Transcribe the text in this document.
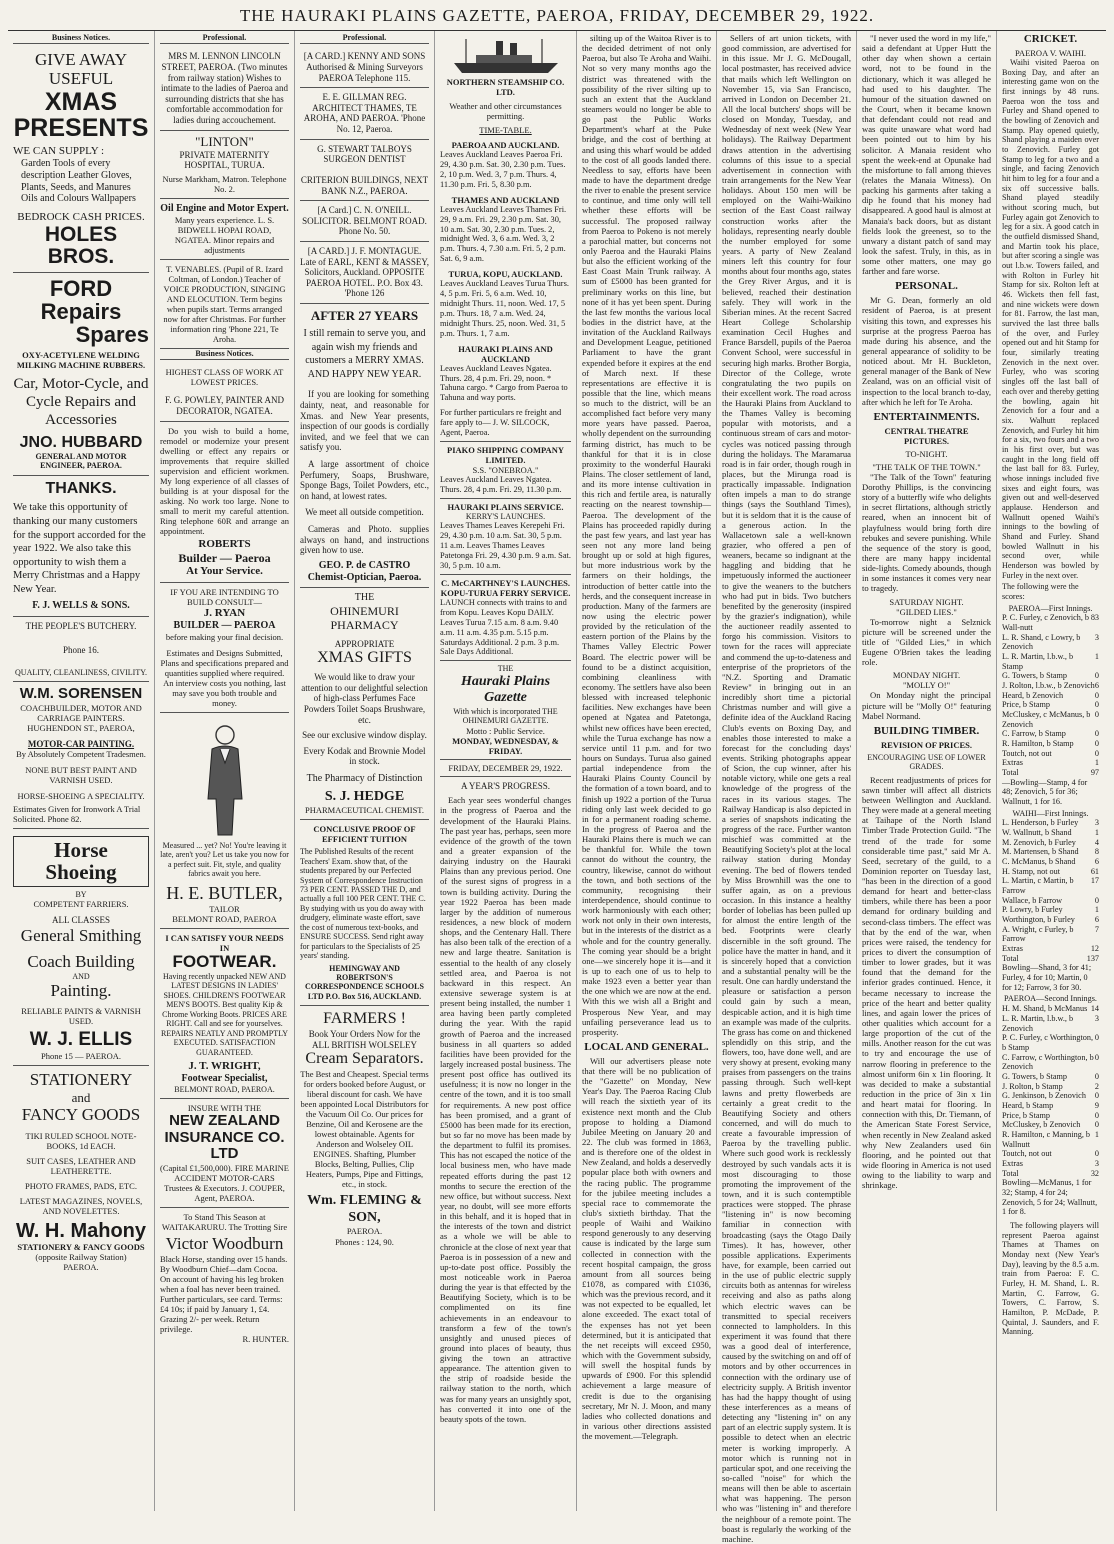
THE HAURAKI PLAINS GAZETTE, PAEROA, FRIDAY, DECEMBER 29, 1922.
Business Notices.
GIVE AWAY
USEFUL
XMAS PRESENTS
WE CAN SUPPLY :
Garden Tools of every description Leather Gloves, Plants, Seeds, and Manures Oils and Colours Wallpapers
BEDROCK CASH PRICES.
HOLES BROS.
FORD Repairs
Spares
OXY-ACETYLENE WELDING MILKING MACHINE RUBBERS.
Car, Motor-Cycle, and Cycle Repairs and Accessories
JNO. HUBBARD
GENERAL AND MOTOR ENGINEER, PAEROA.
THANKS.
We take this opportunity of thanking our many customers for the support accorded for the year 1922. We also take this opportunity to wish them a Merry Christmas and a Happy New Year.
F. J. WELLS & SONS.
THE PEOPLE'S BUTCHERY.
Phone 16.
QUALITY, CLEANLINESS, CIVILITY.
W.M. SORENSEN
COACHBUILDER, MOTOR AND CARRIAGE PAINTERS. HUGHENDON ST., PAEROA,
MOTOR-CAR PAINTING.
By Absolutely Competent Tradesmen.
NONE BUT BEST PAINT AND VARNISH USED.
HORSE-SHOEING A SPECIALITY.
Estimates Given for Ironwork A Trial Solicited. Phone 82.
Horse Shoeing
BY
COMPETENT FARRIERS.
ALL CLASSES
General Smithing
Coach Building
AND
Painting.
RELIABLE PAINTS & VARNISH USED.
W. J. ELLIS
Phone 15 — PAEROA.
STATIONERY
and
FANCY GOODS
TIKI RULED SCHOOL NOTE-BOOKS, 1d EACH.
SUIT CASES, LEATHER AND LEATHERETTE.
PHOTO FRAMES, PADS, ETC.
LATEST MAGAZINES, NOVELS, AND NOVELETTES.
W. H. Mahony
STATIONERY & FANCY GOODS
(opposite Railway Station)
PAEROA.
Professional.
MRS M. LENNON LINCOLN STREET, PAEROA. (Two minutes from railway station) Wishes to intimate to the ladies of Paeroa and surrounding districts that she has comfortable accommodation for ladies during accouchement.
"LINTON"
PRIVATE MATERNITY HOSPITAL, TURUA.
Nurse Markham, Matron. Telephone No. 2.
Oil Engine and Motor Expert.
Many years experience. L. S. BIDWELL HOPAI ROAD, NGATEA. Minor repairs and adjustments
T. VENABLES. (Pupil of R. Izard Coltman, of London.) Teacher of VOICE PRODUCTION, SINGING AND ELOCUTION. Term begins when pupils start. Terms arranged now for after Christmas. For further information ring 'Phone 221, Te Aroha.
Business Notices.
HIGHEST CLASS OF WORK AT LOWEST PRICES.
F. G. POWLEY, PAINTER AND DECORATOR, NGATEA.

Do you wish to build a home, remodel or modernize your present dwelling or effect any repairs or improvements that require skilled supervision and efficient workmen. My long experience of all classes of building is at your disposal for the asking. No work too large. None to small to merit my careful attention. Ring telephone 60R and arrange an appointment.

ROBERTS
Builder — Paeroa
At Your Service.
IF YOU ARE INTENDING TO BUILD CONSULT—
J. RYAN
BUILDER — PAEROA
before making your final decision.
Estimates and Designs Submitted, Plans and specifications prepared and quantities supplied where required. An interview costs you nothing, last may save you both trouble and money.
Measured ... yet? No! You're leaving it late, aren't you? Let us take you now for a perfect suit. Fit, style, and quality fabrics await you here.
H. E. BUTLER,
TAILOR
BELMONT ROAD, PAEROA
I CAN SATISFY YOUR NEEDS IN
FOOTWEAR.
Having recently unpacked NEW AND LATEST DESIGNS IN LADIES' SHOES. CHILDREN'S FOOTWEAR MEN'S BOOTS. Best quality Kip & Chrome Working Boots. PRICES ARE RIGHT. Call and see for yourselves. REPAIRS NEATLY AND PROMPTLY EXECUTED. SATISFACTION GUARANTEED.
J. T. WRIGHT,
Footwear Specialist,
BELMONT ROAD, PAEROA.
INSURE WITH THE
NEW ZEALAND INSURANCE CO. LTD
(Capital £1,500,000). FIRE MARINE ACCIDENT MOTOR-CARS Trustees & Executors. J. COUPER, Agent, PAEROA.
To Stand This Season at WAITAKARURU. The Trotting Sire
Victor Woodburn
Black Horse, standing over 15 hands. By Woodburn Chief—dam Cocoa. On account of having his leg broken when a foal has never been trained. Further particulars, see card. Terms: £4 10s; if paid by January 1, £4. Grazing 2/- per week. Return privilege.
R. HUNTER.
Professional.
[A CARD.] KENNY AND SONS Authorised & Mining Surveyors PAEROA Telephone 115.
E. E. GILLMAN REG. ARCHITECT THAMES, TE AROHA, AND PAEROA. 'Phone No. 12, Paeroa.
G. STEWART TALBOYS SURGEON DENTIST
CRITERION BUILDINGS, NEXT BANK N.Z., PAEROA.
[A Card.] C. N. O'NEILL. SOLICITOR. BELMONT ROAD. Phone No. 50.
[A CARD.] J. F. MONTAGUE. Late of EARL, KENT & MASSEY, Solicitors, Auckland. OPPOSITE PAEROA HOTEL. P.O. Box 43. 'Phone 126
AFTER 27 YEARS
I still remain to serve you, and again wish my friends and customers a MERRY XMAS. AND HAPPY NEW YEAR.

If you are looking for something dainty, neat, and reasonable for Xmas. and New Year presents, inspection of our goods is cordially invited, and we feel that we can satisfy you.

A large assortment of choice Perfumery, Soaps, Brushware, Sponge Bags, Toilet Powders, etc., on hand, at lowest rates.

We meet all outside competition.

Cameras and Photo. supplies always on hand, and instructions given how to use.

GEO. P. de CASTRO
Chemist-Optician, Paeroa.
THE
OHINEMURI PHARMACY
APPROPRIATE
XMAS GIFTS
We would like to draw your attention to our delightful selection of high-class Perfumes Face Powders Toilet Soaps Brushware, etc.
See our exclusive window display.
Every Kodak and Brownie Model in stock.
The Pharmacy of Distinction
S. J. HEDGE
PHARMACEUTICAL CHEMIST.
CONCLUSIVE PROOF OF EFFICIENT TUITION
The Published Results of the recent Teachers' Exam. show that, of the students prepared by our Perfected System of Correspondence Instruction 73 PER CENT. PASSED THE D, and actually a full 100 PER CENT. THE C. By studying with us you do away with drudgery, eliminate waste effort, save the cost of numerous text-books, and ENSURE SUCCESS. Send right away for particulars to the Specialists of 25 years' standing.
HEMINGWAY AND ROBERTSON'S CORRESPONDENCE SCHOOLS LTD P.O. Box 516, AUCKLAND.
FARMERS !
Book Your Orders Now for the ALL BRITISH WOLSELEY
Cream Separators.
The Best and Cheapest. Special terms for orders booked before August, or liberal discount for cash. We have been appointed Local Distributors for the Vacuum Oil Co. Our prices for Benzine, Oil and Kerosene are the lowest obtainable. Agents for Anderson and Wolseley OIL ENGINES. Shafting, Plumber Blocks, Belting, Pullies, Clip Heaters, Pumps, Pipe and Fittings, etc., in stock.
Wm. FLEMING & SON,
PAEROA.
Phones : 124, 90.
NORTHERN STEAMSHIP CO. LTD.
Weather and other circumstances permitting.
TIME-TABLE.
PAEROA AND AUCKLAND.
Leaves Auckland Leaves Paeroa Fri. 29, 4.30 p.m. Sat. 30, 2.30 p.m. Tues. 2, 10 p.m. Wed. 3, 7 p.m. Thurs. 4, 11.30 p.m. Fri. 5, 8.30 p.m.
THAMES AND AUCKLAND
Leaves Auckland Leaves Thames Fri. 29, 9 a.m. Fri. 29, 2.30 p.m. Sat. 30, 10 a.m. Sat. 30, 2.30 p.m. Tues. 2, midnight Wed. 3, 6 a.m. Wed. 3, 2 p.m. Thurs. 4, 7.30 a.m. Fri. 5, 2 p.m. Sat. 6, 9 a.m.
TURUA, KOPU, AUCKLAND.
Leaves Auckland Leaves Turua Thurs. 4, 5 p.m. Fri. 5, 6 a.m. Wed. 10, midnight Thurs. 11, noon. Wed. 17, 5 p.m. Thurs. 18, 7 a.m. Wed. 24, midnight Thurs. 25, noon. Wed. 31, 5 p.m. Thurs. 1, 7 a.m.
HAURAKI PLAINS AND AUCKLAND
Leaves Auckland Leaves Ngatea. Thurs. 28, 4 p.m. Fri. 29, noon. * Tahuna cargo. * Cargo from Paeroa to Tahuna and way ports.
For further particulars re freight and fare apply to— J. W. SILCOCK, Agent, Paeroa.
PIAKO SHIPPING COMPANY LIMITED.
S.S. "ONEBROA."
Leaves Auckland Leaves Ngatea. Thurs. 28, 4 p.m. Fri. 29, 11.30 p.m.
HAURAKI PLAINS SERVICE.
KERRY'S LAUNCHES.
Leaves Thames Leaves Kerepehi Fri. 29, 4.30 p.m. 10 a.m. Sat. 30, 5 p.m. 11 a.m. Leaves Thames Leaves Patetonga Fri. 29, 4.30 p.m. 9 a.m. Sat. 30, 5 p.m. 10 a.m.
C. McCARTHNEY'S LAUNCHES. KOPU-TURUA FERRY SERVICE.
LAUNCH connects with trains to and from Kopu. Leaves Kopu DAILY. Leaves Turua 7.15 a.m. 8 a.m. 9.40 a.m. 11 a.m. 4.35 p.m. 5.15 p.m. Saturdays Additional. 2 p.m. 3 p.m. Sale Days Additional.
THE
Hauraki Plains Gazette
With which is incorporated THE OHINEMURI GAZETTE.
Motto : Public Service.
MONDAY, WEDNESDAY, & FRIDAY.
FRIDAY, DECEMBER 29, 1922.
A YEAR'S PROGRESS.

Each year sees wonderful changes in the progress of Paeroa and the development of the Hauraki Plains. The past year has, perhaps, seen more evidence of the growth of the town and a greater expansion of the dairying industry on the Hauraki Plains than any previous period. One of the surest signs of progress in a town is building activity. During the year 1922 Paeroa has been made larger by the addition of numerous residences, a new block of modern shops, and the Centenary Hall. There has also been talk of the erection of a new and large theatre. Sanitation is essential to the health of any closely settled area, and Paeroa is not backward in this respect. An extensive sewerage system is at present being installed, the number 1 area having been partly completed during the year. With the rapid growth of Paeroa and the increased business in all quarters so added facilities have been provided for the largely increased postal business. The present post office has outlived its usefulness; it is now no longer in the centre of the town, and it is too small for requirements. A new post office has been promised, and a grant of £5000 has been made for its erection, but so far no move has been made by the department to fulfil its promises. This has not escaped the notice of the local business men, who have made repeated efforts during the past 12 months to secure the erection of the new office, but without success. Next year, no doubt, will see more efforts in this behalf, and it is hoped that in the interests of the town and district as a whole we will be able to chronicle at the close of next year that Paeroa is in possession of a new and up-to-date post office. Possibly the most noticeable work in Paeroa during the year is that effected by the Beautifying Society, which is to be complimented on its fine achievements in an endeavour to transform a few of the town's unsightly and unused pieces of ground into places of beauty, thus giving the town an attractive appearance. The attention given to the strip of roadside beside the railway station to the north, which was for many years an unsightly spot, has converted it into one of the beauty spots of the town.

silting up of the Waitoa River is to the decided detriment of not only Paeroa, but also Te Aroha and Waihi. Not so very many months ago the district was threatened with the possibility of the river silting up to such an extent that the Auckland steamers would no longer be able to go past the Public Works Department's wharf at the Puke bridge, and the cost of berthing at and using this wharf would be added to the cost of all goods landed there. Needless to say, efforts have been made to have the department dredge the river to enable the present service to continue, and time only will tell whether these efforts will be successful. The proposed railway from Paeroa to Pokeno is not merely a parochial matter, but concerns not only Paeroa and the Hauraki Plains but also the efficient working of the East Coast Main Trunk railway. A sum of £5000 has been granted for preliminary works on this line, but none of it has yet been spent. During the last few months the various local bodies in the district have, at the invitation of the Auckland Railways and Development League, petitioned Parliament to have the grant expended before it expires at the end of March next. If these representations are effective it is possible that the line, which means so much to the district, will be an accomplished fact before very many more years have passed. Paeroa, wholly dependent on the surrounding farming district, has much to be thankful for that it is in close proximity to the wonderful Hauraki Plains. The closer settlement of land, and its more intense cultivation in this rich and fertile area, is naturally reacting on the nearest township—Paeroa. The development of the Plains has proceeded rapidly during the past few years, and last year has seen not any more land being brought up or sold at high figures, but more industrious work by the farmers on their holdings, the introduction of better cattle into the herds, and the consequent increase in production. Many of the farmers are now using the electric power provided by the reticulation of the eastern portion of the Plains by the Thames Valley Electric Power Board. The electric power will be found to be a distinct acquisition, combining cleanliness with economy. The settlers have also been blessed with increased telephonic facilities. New exchanges have been opened at Ngatea and Patetonga, whilst new offices have been erected, while the Turua exchange has now a service until 11 p.m. and for two hours on Sundays. Turua also gained partial independence from the Hauraki Plains County Council by the formation of a town board, and to finish up 1922 a portion of the Turua riding only last week decided to go in for a permanent roading scheme. In the progress of Paeroa and the Hauraki Plains there is much we can be thankful for. While the town cannot do without the country, the country, likewise, cannot do without the town, and both sections of the community, recognising their interdependence, should continue to work harmoniously with each other; work not only in their own interests, but in the interests of the district as a whole and for the country generally. The coming year should be a bright one—we sincerely hope it is—and it is up to each one of us to help to make 1923 even a better year than the one which we are now at the end. With this we wish all a Bright and Prosperous New Year, and may unfailing perseverance lead us to prosperity.

LOCAL AND GENERAL.

Will our advertisers please note that there will be no publication of the "Gazette" on Monday, New Year's Day. The Paeroa Racing Club will reach the sixtieth year of its existence next month and the Club propose to holding a Diamond Jubilee Meeting on January 20 and 22. The club was formed in 1863, and is therefore one of the oldest in New Zealand, and holds a deservedly popular place both with owners and the racing public. The programme for the jubilee meeting includes a special race to commemorate the club's sixtieth birthday. That the people of Waihi and Waikino respond generously to any deserving cause is indicated by the large sum collected in connection with the recent hospital campaign, the gross amount from all sources being £1078, as compared with £1036, which was the previous record, and it was not expected to be equalled, let alone exceeded. The exact total of the expenses has not yet been determined, but it is anticipated that the net receipts will exceed £950, which with the Government subsidy, will swell the hospital funds by upwards of £900. For this splendid achievement a large measure of credit is due to the organising secretary, Mr N. J. Moon, and many ladies who collected donations and in various other directions assisted the movement.—Telegraph.

Sellers of art union tickets, with good commission, are advertised for in this issue. Mr J. G. McDougall, local postmaster, has received advice that mails which left Wellington on November 15, via San Francisco, arrived in London on December 21. All the local butchers' shops will be closed on Monday, Tuesday, and Wednesday of next week (New Year holidays). The Railway Department draws attention in the advertising columns of this issue to a special advertisement in connection with train arrangements for the New Year holidays. About 150 men will be employed on the Waihi-Waikino section of the East Coast railway construction works after the holidays, representing nearly double the number employed for some years. A party of New Zealand miners left this country for four months about four months ago, states the Grey River Argus, and it is believed, reached their destination safely. They will work in the Siberian mines. At the recent Sacred Heart College Scholarship examination Cecil Hughes and France Barsdell, pupils of the Paeroa Convent School, were successful in securing high marks. Brother Borgia, Director of the College, wrote congratulating the two pupils on their excellent work. The road across the Hauraki Plains from Auckland to the Thames Valley is becoming popular with motorists, and a continuous stream of cars and motor-cycles was noticed passing through during the holidays. The Maramarua road is in fair order, though rough in places, but the Mirunga road is practically impassable. Indignation often impels a man to do strange things (says the Southland Times), but it is seldom that it is the cause of a generous action. In the Wallacetown sale a well-known grazier, who offered a pen of weaners, became so indignant at the haggling and bidding that he impetuously informed the auctioneer to give the weaners to the butchers who had put in bids. Two butchers benefited by the generosity (inspired by the grazier's indignation), while the auctioneer readily assented to forgo his commission. Visitors to town for the races will appreciate and commend the up-to-dateness and enterprise of the proprietors of the "N.Z. Sporting and Dramatic Review" in bringing out in an incredibly short time a pictorial Christmas number and will give a definite idea of the Auckland Racing Club's events on Boxing Day, and enables those interested to make a forecast for the concluding days' events. Striking photographs appear of Scion, the cup winner, after his notable victory, while one gets a real knowledge of the progress of the races in its various stages. The Railway Handicap is also depicted in a series of snapshots indicating the progress of the race. Further wanton mischief was committed at the Beautifying Society's plot at the local railway station during Monday evening. The bed of flowers tended by Miss Brownhill was the one to suffer again, as on a previous occasion. In this instance a healthy border of lobelias has been pulled up for almost the entire length of the bed. Footprints were clearly discernible in the soft ground. The police have the matter in hand, and it is sincerely hoped that a conviction and a substantial penalty will be the result. One can hardly understand the pleasure or satisfaction a person could gain by such a mean, despicable action, and it is high time an example was made of the culprits. The grass has come on and thickened splendidly on this strip, and the flowers, too, have done well, and are very showy at present, evoking many praises from passengers on the trains passing through. Such well-kept lawns and pretty flowerbeds are certainly a great credit to the Beautifying Society and others concerned, and will do much to create a favourable impression of Paeroa by the travelling public. Where such good work is recklessly destroyed by such vandals acts it is most discouraging to those promoting the improvement of the town, and it is such contemptible practices were stopped. The phrase "listening in" is now becoming familiar in connection with broadcasting (says the Otago Daily Times). It has, however, other possible applications. Experiments have, for example, been carried out in the use of public electric supply circuits both as antennas for wireless receiving and also as paths along which electric waves can be transmitted to special receivers connected to lampholders. In this experiment it was found that there was a good deal of interference, caused by the switching on and off of motors and by other occurrences in connection with the ordinary use of electricity supply. A British inventor has had the happy thought of using these interferences as a means of detecting any "listening in" on any part of an electric supply system. It is possible to detect when an electric meter is working improperly. A motor which is running not in particular spot, and one receiving the so-called "noise" for which the means will then be able to ascertain what was happening. The person who was "listening in" and therefore the neighbour of a remote point. The boast is regularly the working of the machine.

"I never used the word in my life," said a defendant at Upper Hutt the other day when shown a certain word, not to be found in the dictionary, which it was alleged he had used to his daughter. The humour of the situation dawned on the Court, when it became known that defendant could not read and was quite unaware what word had been pointed out to him by his solicitor. A Manaia resident who spent the week-end at Opunake had the misfortune to fall among thieves (relates the Manaia Witness). On packing his garments after taking a dip he found that his money had disappeared. A good haul is almost at Manaia's back doors, but as distant fields look the greenest, so to the unwary a distant patch of sand may look the safest. Truly, in this, as in some other matters, one may go farther and fare worse.

PERSONAL.

Mr G. Dean, formerly an old resident of Paeroa, is at present visiting this town, and expresses his surprise at the progress Paeroa has made during his absence, and the general appearance of solidity to be noticed about. Mr H. Buckleton, general manager of the Bank of New Zealand, was on an official visit of inspection to the local branch to-day, after which he left for Te Aroha.

ENTERTAINMENTS.
CENTRAL THEATRE PICTURES.
TO-NIGHT.
"THE TALK OF THE TOWN."

"The Talk of the Town" featuring Dorothy Phillips, is the convincing story of a butterfly wife who delights in secret flirtations, although strictly reared, when an innocent bit of playfulness would bring forth dire rebukes and severe punishing. While the sequence of the story is good, there are many happy incidental side-lights. Comedy abounds, though in some instances it comes very near to tragedy.

SATURDAY NIGHT.
"GILDED LIES."

To-morrow night a Selznick picture will be screened under the title of "Gilded Lies," in which Eugene O'Brien takes the leading role.

MONDAY NIGHT.
"MOLLY O!"

On Monday night the principal picture will be "Molly O!" featuring Mabel Normand.

BUILDING TIMBER.
REVISION OF PRICES.
ENCOURAGING USE OF LOWER GRADES.

Recent readjustments of prices for sawn timber will affect all districts between Wellington and Auckland. They were made at a general meeting at Taihape of the North Island Timber Trade Protection Guild. "The trend of the trade for some considerable time past," said Mr A. Seed, secretary of the guild, to a Dominion reporter on Tuesday last, "has been in the direction of a good demand for heart and better-class timbers, while there has been a poor demand for ordinary building and second-class timbers. The effect was that by the end of the war, when prices were raised, the tendency for prices to divert the consumption of timber to lower grades, but it was found that the demand for the inferior grades continued. Hence, it became necessary to increase the price of the heart and better quality lines, and again lower the prices of other qualities which account for a large proportion of the cut of the mills. Another reason for the cut was to try and encourage the use of narrow flooring in preference to the almost uniform 6in x 1in flooring. It was decided to make a substantial reduction in the price of 3in x 1in and heart matai for flooring. In connection with this, Dr. Tiemann, of the American State Forest Service, when recently in New Zealand asked why New Zealanders used 6in flooring, and he pointed out that wide flooring in America is not used owing to the liability to warp and shrinkage.

CRICKET.
PAEROA V. WAIHI.

Waihi visited Paeroa on Boxing Day, and after an interesting game won on the first innings by 48 runs. Paeroa won the toss and Furley and Shand opened to the bowling of Zenovich and Stamp. Play opened quietly, Shand playing a maiden over to Zenovich. Furley got Stamp to leg for a two and a single, and facing Zenovich hit him to leg for a four and a six off successive balls. Shand played steadily without scoring much, but Furley again got Zenovich to leg for a six. A good catch in the outfield dismissed Shand, and Martin took his place, but after scoring a single was out l.b.w. Towers failed, and with Rolton in Furley hit Stamp for six. Rolton left at 46. Wickets then fell fast, and nine wickets were down for 81. Farrow, the last man, survived the last three balls of the over, and Furley opened out and hit Stamp for four, similarly treating Zenovich in the next over. Furley, who was scoring singles off the last ball of each over and thereby getting the bowling, again hit Zenovich for a four and a six. Walhutt replaced Zenovich, and Furley hit him for a six, two fours and a two in his first over, but was caught in the long field off the last ball for 83. Furley, whose innings included five sixes and eight fours, was given out and well-deserved applause. Henderson and Wallnutt opened Waihi's innings to the bowling of Shand and Furley. Shand bowled Wallnutt in his second over, while Henderson was bowled by Furley in the next over.

The following were the scores:
PAEROA—First Innings.
P. C. Furley, c Zenovich, b Wall-nutt
83
L. R. Shand, c Lowry, b Zenovich
3
L. R. Martin, l.b.w., b Stamp
1
G. Towers, b Stamp	0
J. Rolton, l.b.w., b Zenovich 6
Heard, b Zenovich	0
Price, b Stamp	0
McCluskey, c McManus, b Zenovich
0
C. Farrow, b Stamp	0
R. Hamilton, b Stamp	0
Toutch, not out	0
Extras	1
Total	97
—Bowling—Stamp, 4 for 48; Zenovich, 5 for 36; Wallnutt, 1 for 16.
WAIHI—First Innings.
L. Henderson, b Furley 3
W. Wallnutt, b Shand	1
M. Zenovich, b Furley 4
M. Martensen, b Shand 8
C. McManus, b Shand 6
H. Stamp, not out	61
L. Martin, c Martin, b Farrow
17
Wallace, b Farrow	0
P. Lowry, b Furley	1
Worthington, b Furley 6
A. Wright, c Furley, b Farrow
7
Extras	12
Total	137
Bowling—Shand, 3 for 41; Furley, 4 for 10; Martin, 0 for 12; Farrow, 3 for 30.
PAEROA—Second Innings.
H. M. Shand, b McManus 14
L. R. Martin, l.b.w., b Zenovich
3
P. C. Furley, c Worthington, b Stamp
0
C. Farrow, c Worthington, b Zenovich
0
G. Towers, b Stamp	0
J. Rolton, b Stamp	2
G. Jenkinson, b Zenovich 0
Heard, b Stamp	9
Price, b Stamp	0
McCluskey, b Zenovich 0
R. Hamilton, c Manning, b Wallnutt
1
Toutch, not out	0
Extras	3
Total	32
Bowling—McManus, 1 for 32; Stamp, 4 for 24; Zenovich, 5 for 24; Wallnutt, 1 for 8.

The following players will represent Paeroa against Thames at Thames on Monday next (New Year's Day), leaving by the 8.5 a.m. train from Paeroa: F. C. Furley, H. M. Shand, L. R. Martin, C. Farrow, G. Towers, C. Farrow, S. Hamilton, P. McDade, P. Quintal, J. Saunders, and F. Manning.
